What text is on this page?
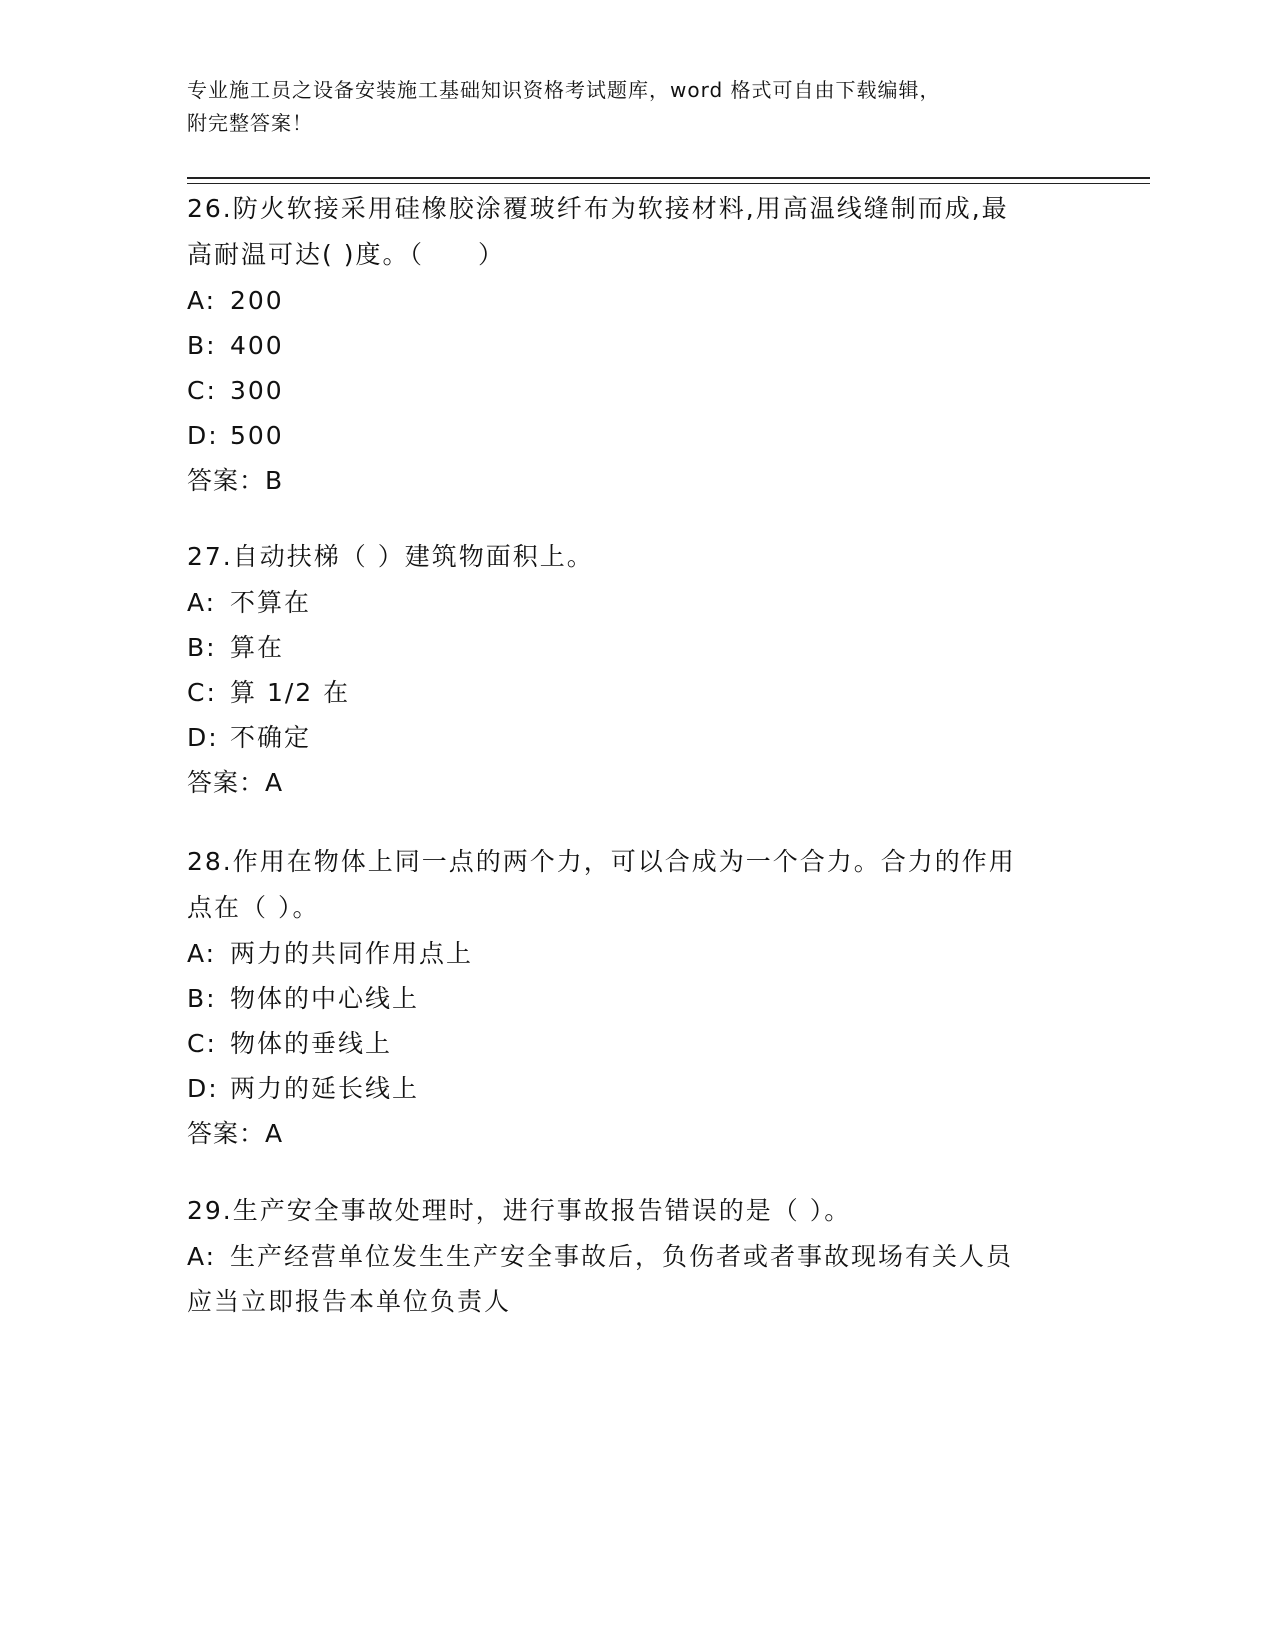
专业施工员之设备安装施工基础知识资格考试题库，word 格式可自由下载编辑，
附完整答案！
26.防火软接采用硅橡胶涂覆玻纤布为软接材料,用高温线缝制而成,最
高耐温可达( )度。（　　）
A: 200
B: 400
C: 300
D: 500
答案：B
27.自动扶梯（ ）建筑物面积上。
A: 不算在
B: 算在
C: 算 1/2 在
D: 不确定
答案：A
28.作用在物体上同一点的两个力，可以合成为一个合力。合力的作用
点在（ ）。
A: 两力的共同作用点上
B: 物体的中心线上
C: 物体的垂线上
D: 两力的延长线上
答案：A
29.生产安全事故处理时，进行事故报告错误的是（ ）。
A: 生产经营单位发生生产安全事故后，负伤者或者事故现场有关人员
应当立即报告本单位负责人
